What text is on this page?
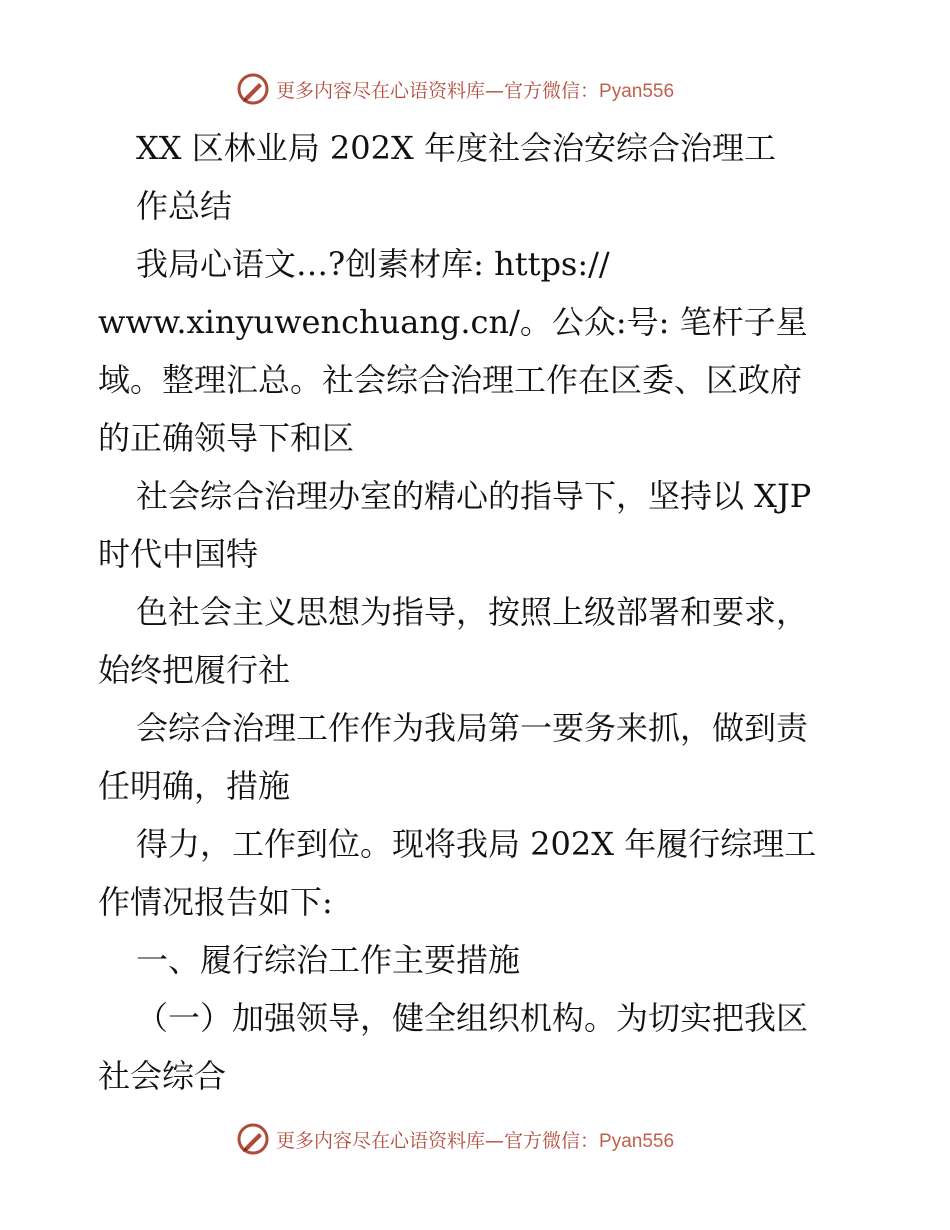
更多内容尽在心语资料库—官方微信：Pyan556
XX 区林业局 202X 年度社会治安综合治理工
作总结
我局心语文…?创素材库: https://
www.xinyuwenchuang.cn/。公众:号: 笔杆子星
域。整理汇总。社会综合治理工作在区委、区政府
的正确领导下和区
社会综合治理办室的精心的指导下，坚持以 XJP
时代中国特
色社会主义思想为指导，按照上级部署和要求，
始终把履行社
会综合治理工作作为我局第一要务来抓，做到责
任明确，措施
得力，工作到位。现将我局 202X 年履行综理工
作情况报告如下:
一、履行综治工作主要措施
（一）加强领导，健全组织机构。为切实把我区
社会综合
更多内容尽在心语资料库—官方微信：Pyan556
